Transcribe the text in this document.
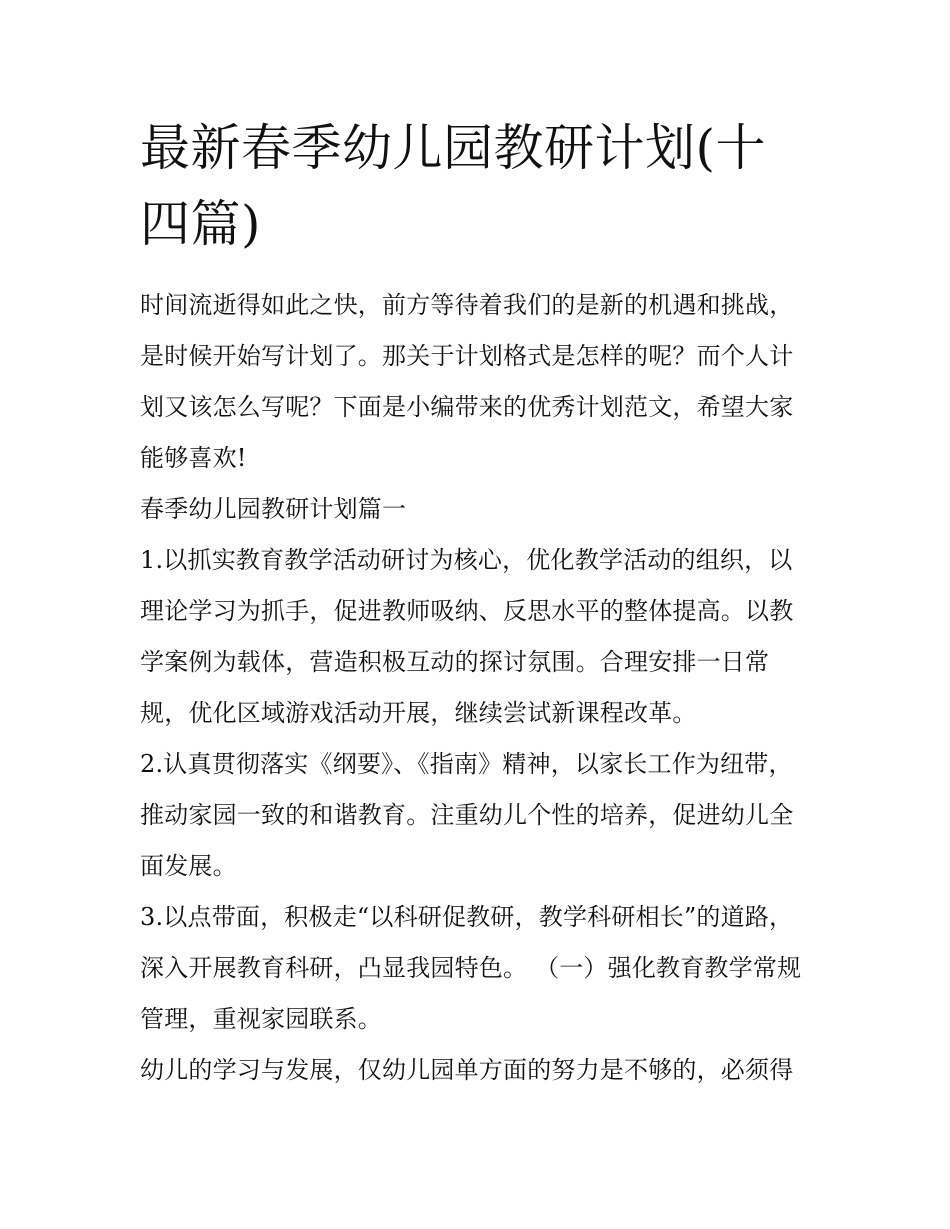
最新春季幼儿园教研计划(十四篇)

时间流逝得如此之快，前方等待着我们的是新的机遇和挑战，是时候开始写计划了。那关于计划格式是怎样的呢？而个人计划又该怎么写呢？下面是小编带来的优秀计划范文，希望大家能够喜欢!

春季幼儿园教研计划篇一

1.以抓实教育教学活动研讨为核心，优化教学活动的组织，以理论学习为抓手，促进教师吸纳、反思水平的整体提高。以教学案例为载体，营造积极互动的探讨氛围。合理安排一日常规，优化区域游戏活动开展，继续尝试新课程改革。

2.认真贯彻落实《纲要》、《指南》精神，以家长工作为纽带，推动家园一致的和谐教育。注重幼儿个性的培养，促进幼儿全面发展。

3.以点带面，积极走“以科研促教研，教学科研相长”的道路，深入开展教育科研，凸显我园特色。 （一）强化教育教学常规管理，重视家园联系。

幼儿的学习与发展，仅幼儿园单方面的努力是不够的，必须得
